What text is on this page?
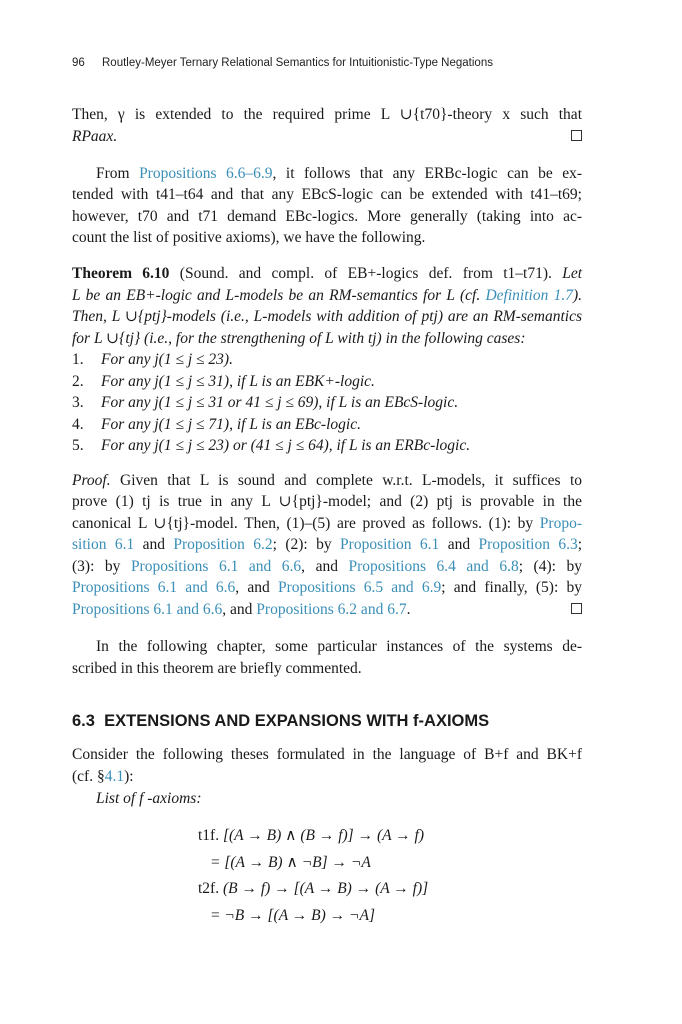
96 Routley-Meyer Ternary Relational Semantics for Intuitionistic-Type Negations
Then, γ is extended to the required prime L ∪{t70}-theory x such that
RPaax.
From Propositions 6.6–6.9, it follows that any ERBc-logic can be ex-
tended with t41–t64 and that any EBcS-logic can be extended with t41–t69;
however, t70 and t71 demand EBc-logics. More generally (taking into ac-
count the list of positive axioms), we have the following.
Theorem 6.10 (Sound. and compl. of EB+-logics def. from t1–t71). Let
L be an EB+-logic and L-models be an RM-semantics for L (cf. Definition 1.7).
Then, L ∪{ptj}-models (i.e., L-models with addition of ptj) are an RM-semantics
for L ∪{tj} (i.e., for the strengthening of L with tj) in the following cases:
1. For any j(1 ≤ j ≤ 23).
2. For any j(1 ≤ j ≤ 31), if L is an EBK+-logic.
3. For any j(1 ≤ j ≤ 31 or 41 ≤ j ≤ 69), if L is an EBcS-logic.
4. For any j(1 ≤ j ≤ 71), if L is an EBc-logic.
5. For any j(1 ≤ j ≤ 23) or (41 ≤ j ≤ 64), if L is an ERBc-logic.
Proof. Given that L is sound and complete w.r.t. L-models, it suffices to
prove (1) tj is true in any L ∪{ptj}-model; and (2) ptj is provable in the
canonical L ∪{tj}-model. Then, (1)–(5) are proved as follows. (1): by Propo-
sition 6.1 and Proposition 6.2; (2): by Proposition 6.1 and Proposition 6.3;
(3): by Propositions 6.1 and 6.6, and Propositions 6.4 and 6.8; (4): by
Propositions 6.1 and 6.6, and Propositions 6.5 and 6.9; and finally, (5): by
Propositions 6.1 and 6.6, and Propositions 6.2 and 6.7.
In the following chapter, some particular instances of the systems de-
scribed in this theorem are briefly commented.
6.3 EXTENSIONS AND EXPANSIONS WITH f-AXIOMS
Consider the following theses formulated in the language of B+f and BK+f
(cf. §4.1):
List of f -axioms:
t1f. [(A → B) ∧ (B → f)] → (A → f)
= [(A → B) ∧ ¬B] → ¬A
t2f. (B → f) → [(A → B) → (A → f)]
= ¬B → [(A → B) → ¬A]
